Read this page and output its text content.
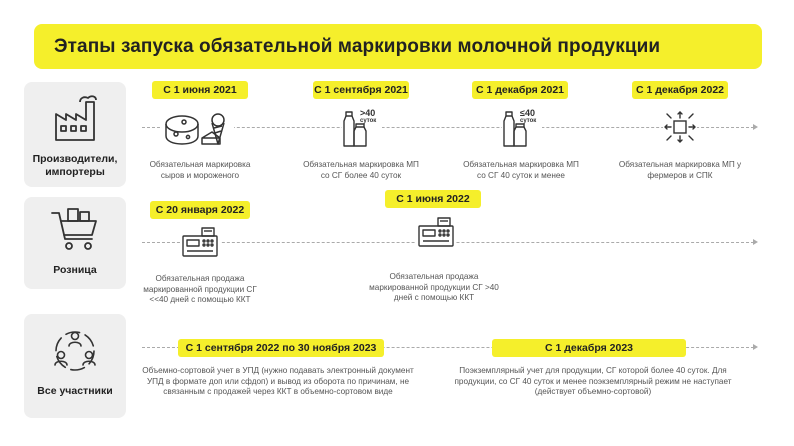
Этапы запуска обязательной маркировки молочной продукции
Производители, импортеры
С 1 июня 2021
Обязательная маркировка сыров и мороженого
С 1 сентября 2021
>40
суток
Обязательная маркировка МП со СГ более 40 суток
С 1 декабря 2021
≤40
суток
Обязательная маркировка МП со СГ 40 суток и менее
С 1 декабря 2022
Обязательная маркировка МП у фермеров и СПК
Розница
С 20 января 2022
Обязательная продажа маркированной продукции СГ <<40 дней с помощью ККТ
С 1 июня 2022
Обязательная продажа маркированной продукции СГ >40 дней с помощью ККТ
Все участники
С 1 сентября 2022 по 30 ноября 2023
Объемно-сортовой учет в УПД (нужно подавать электронный документ УПД в формате доп или сфдоп) и вывод из оборота по причинам, не связанным с продажей через ККТ в объемно-сортовом виде
С 1 декабря 2023
Поэкземплярный учет для продукции, СГ которой более 40 суток. Для продукции, со СГ 40 суток и менее поэкземплярный режим не наступает (действует объемно-сортовой)
